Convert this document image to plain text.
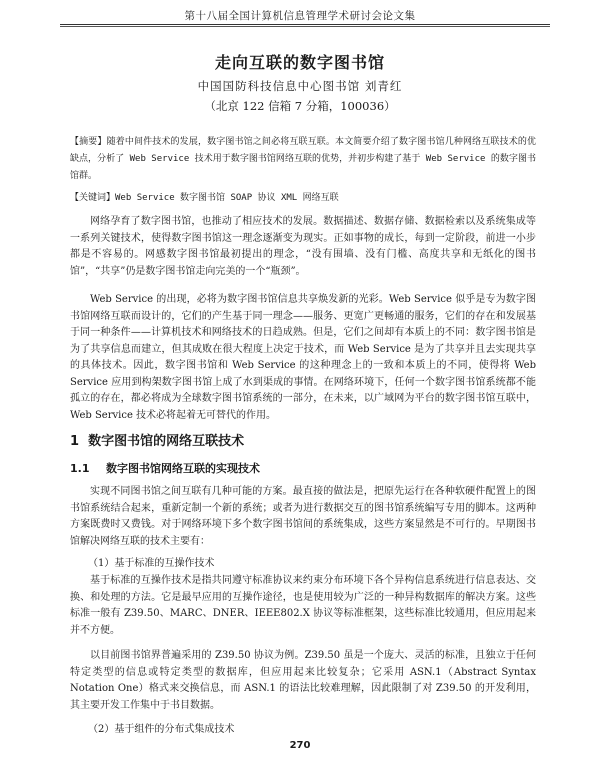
第十八届全国计算机信息管理学术研讨会论文集
走向互联的数字图书馆
中国国防科技信息中心图书馆 刘青红
（北京 122 信箱 7 分箱，100036）
【摘要】随着中间件技术的发展，数字图书馆之间必将互联互联。本文简要介绍了数字图书馆几种网络互联技术的优缺点，分析了 Web Service 技术用于数字图书馆网络互联的优势，并初步构建了基于 Web Service 的数字图书馆群。
【关键词】Web Service 数字图书馆 SOAP 协议 XML 网络互联

网络孕育了数字图书馆，也推动了相应技术的发展。数据描述、数据存储、数据检索以及系统集成等一系列关键技术，使得数字图书馆这一理念逐渐变为现实。正如事物的成长，每到一定阶段，前进一小步都是不容易的。网感数字图书馆最初提出的理念，“没有围墙、没有门槛、高度共享和无纸化的图书馆”，“共享”仍是数字图书馆走向完美的一个“瓶颈”。

Web Service 的出现，必将为数字图书馆信息共享焕发新的光彩。Web Service 似乎是专为数字图书馆网络互联而设计的，它们的产生基于同一理念——服务、更宽广更畅通的服务，它们的存在和发展基于同一种条件——计算机技术和网络技术的日趋成熟。但是，它们之间却有本质上的不同：数字图书馆是为了共享信息而建立，但其成败在很大程度上决定于技术，而 Web Service 是为了共享并且去实现共享的具体技术。因此，数字图书馆和 Web Service 的这种理念上的一致和本质上的不同，使得将 Web Service 应用到构架数字图书馆上成了水到渠成的事情。在网络环境下，任何一个数字图书馆系统都不能孤立的存在，都必将成为全球数字图书馆系统的一部分，在未来，以广域网为平台的数字图书馆互联中，Web Service 技术必将起着无可替代的作用。

1 数字图书馆的网络互联技术
1.1 数字图书馆网络互联的实现技术

实现不同图书馆之间互联有几种可能的方案。最直接的做法是，把原先运行在各种软硬件配置上的图书馆系统结合起来，重新定制一个新的系统；或者为进行数据交互的图书馆系统编写专用的脚本。这两种方案既费时又费钱。对于网络环境下多个数字图书馆间的系统集成，这些方案显然是不可行的。早期图书馆解决网络互联的技术主要有：

（1）基于标准的互操作技术

基于标准的互操作技术是指共同遵守标准协议来约束分布环境下各个异构信息系统进行信息表达、交换、和处理的方法。它是最早应用的互操作途径，也是使用较为广泛的一种异构数据库的解决方案。这些标准一般有 Z39.50、MARC、DNER、IEEE802.X 协议等标准框架，这些标准比较通用，但应用起来并不方便。

以目前图书馆界普遍采用的 Z39.50 协议为例。Z39.50 虽是一个庞大、灵活的标准，且独立于任何特定类型的信息或特定类型的数据库，但应用起来比较复杂；它采用 ASN.1（Abstract Syntax Notation One）格式来交换信息，而 ASN.1 的语法比较难理解，因此限制了对 Z39.50 的开发利用，其主要开发工作集中于书目数据。

（2）基于组件的分布式集成技术
270
